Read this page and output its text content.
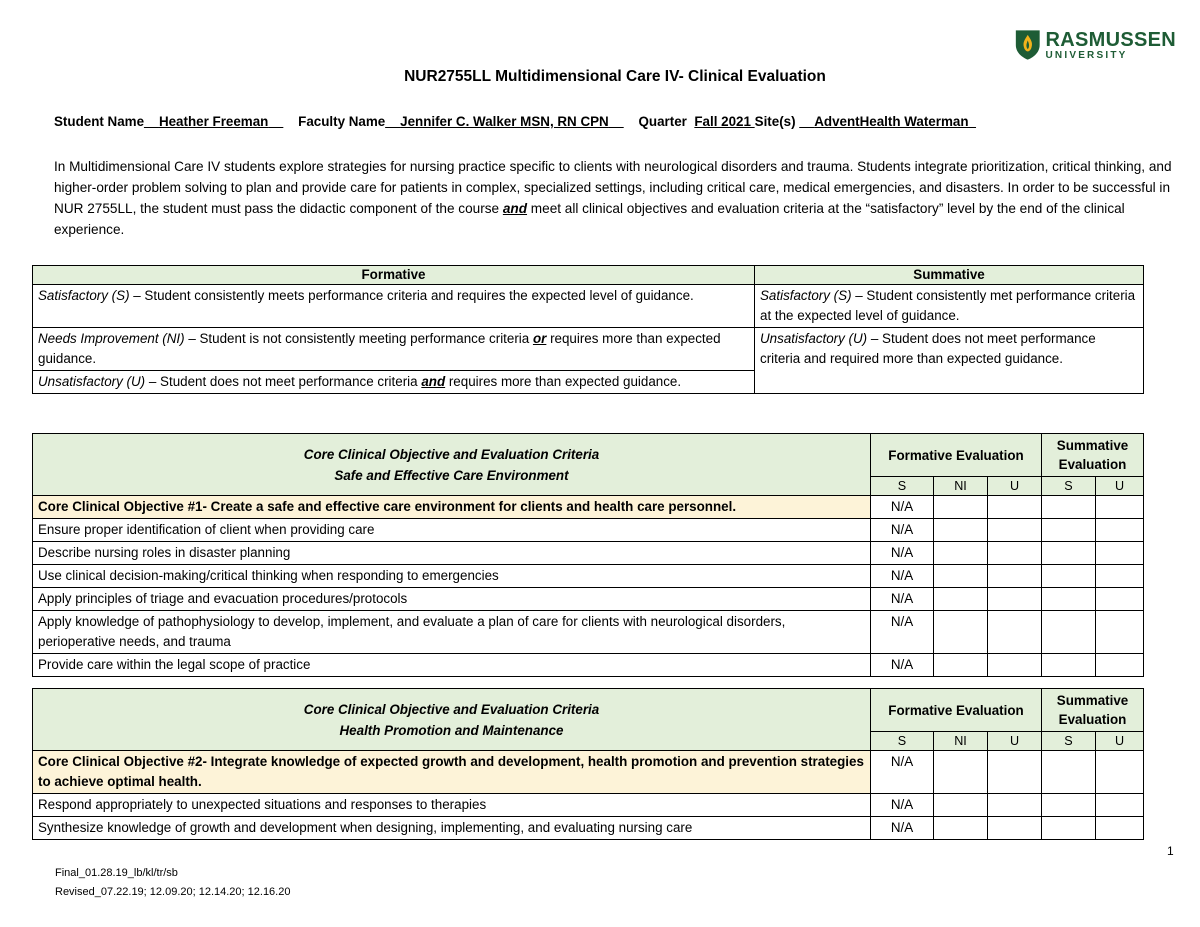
RASMUSSEN
UNIVERSITY
NUR2755LL Multidimensional Care IV- Clinical Evaluation
Student Name__Heather Freeman__ Faculty Name__Jennifer C. Walker MSN, RN CPN__ Quarter Fall 2021 Site(s) __AdventHealth Waterman_
In Multidimensional Care IV students explore strategies for nursing practice specific to clients with neurological disorders and trauma. Students integrate prioritization, critical thinking, and higher-order problem solving to plan and provide care for patients in complex, specialized settings, including critical care, medical emergencies, and disasters. In order to be successful in NUR 2755LL, the student must pass the didactic component of the course and meet all clinical objectives and evaluation criteria at the “satisfactory” level by the end of the clinical experience.
Formative	Summative
Satisfactory (S) – Student consistently meets performance criteria and requires the expected level of guidance.	Satisfactory (S) – Student consistently met performance criteria at the expected level of guidance.
Needs Improvement (NI) – Student is not consistently meeting performance criteria or requires more than expected guidance.	Unsatisfactory (U) – Student does not meet performance criteria and required more than expected guidance.
Unsatisfactory (U) – Student does not meet performance criteria and requires more than expected guidance.	
Core Clinical Objective and Evaluation Criteria
Safe and Effective Care Environment	Formative Evaluation			Summative Evaluation	
	S	NI	U	S	U
Core Clinical Objective #1- Create a safe and effective care environment for clients and health care personnel.	N/A				
Ensure proper identification of client when providing care	N/A				
Describe nursing roles in disaster planning	N/A				
Use clinical decision-making/critical thinking when responding to emergencies	N/A				
Apply principles of triage and evacuation procedures/protocols	N/A				
Apply knowledge of pathophysiology to develop, implement, and evaluate a plan of care for clients with neurological disorders, perioperative needs, and trauma	N/A				
Provide care within the legal scope of practice	N/A				
Core Clinical Objective and Evaluation Criteria
Health Promotion and Maintenance	Formative Evaluation			Summative Evaluation	
	S	NI	U	S	U
Core Clinical Objective #2- Integrate knowledge of expected growth and development, health promotion and prevention strategies to achieve optimal health.	N/A				
Respond appropriately to unexpected situations and responses to therapies	N/A				
Synthesize knowledge of growth and development when designing, implementing, and evaluating nursing care	N/A				
1
Final_01.28.19_lb/kl/tr/sb
Revised_07.22.19; 12.09.20; 12.14.20; 12.16.20
